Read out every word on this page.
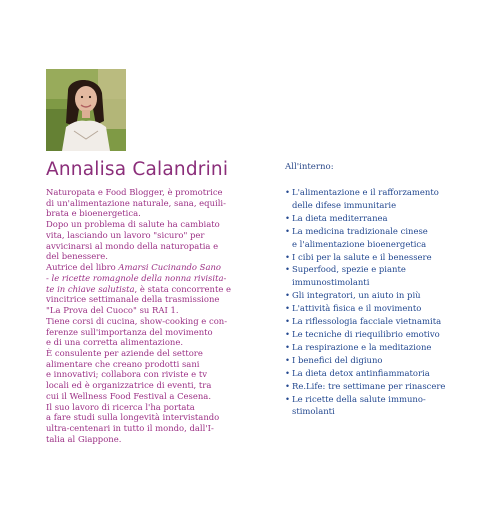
Annalisa Calandrini
Naturopata e Food Blogger, è promotrice
di un'alimentazione naturale, sana, equili-
brata e bioenergetica.
Dopo un problema di salute ha cambiato
vita, lasciando un lavoro "sicuro" per
avvicinarsi al mondo della naturopatia e
del benessere.
Autrice del libro Amarsi Cucinando Sano
- le ricette romagnole della nonna rivisita-
te in chiave salutista, è stata concorrente e
vincitrice settimanale della trasmissione
"La Prova del Cuoco" su RAI 1.
Tiene corsi di cucina, show-cooking e con-
ferenze sull'importanza del movimento
e di una corretta alimentazione.
È consulente per aziende del settore
alimentare che creano prodotti sani
e innovativi; collabora con riviste e tv
locali ed è organizzatrice di eventi, tra
cui il Wellness Food Festival a Cesena.
Il suo lavoro di ricerca l'ha portata
a fare studi sulla longevità intervistando
ultra-centenari in tutto il mondo, dall'I-
talia al Giappone.
All'interno:
• L'alimentazione e il rafforzamento
delle difese immunitarie
• La dieta mediterranea
• La medicina tradizionale cinese
e l'alimentazione bioenergetica
• I cibi per la salute e il benessere
• Superfood, spezie e piante
immunostimolanti
• Gli integratori, un aiuto in più
• L'attività fisica e il movimento
• La riflessologia facciale vietnamita
• Le tecniche di riequilibrio emotivo
• La respirazione e la meditazione
• I benefici del digiuno
• La dieta detox antinfiammatoria
• Re.Life: tre settimane per rinascere
• Le ricette della salute immuno-
stimolanti
